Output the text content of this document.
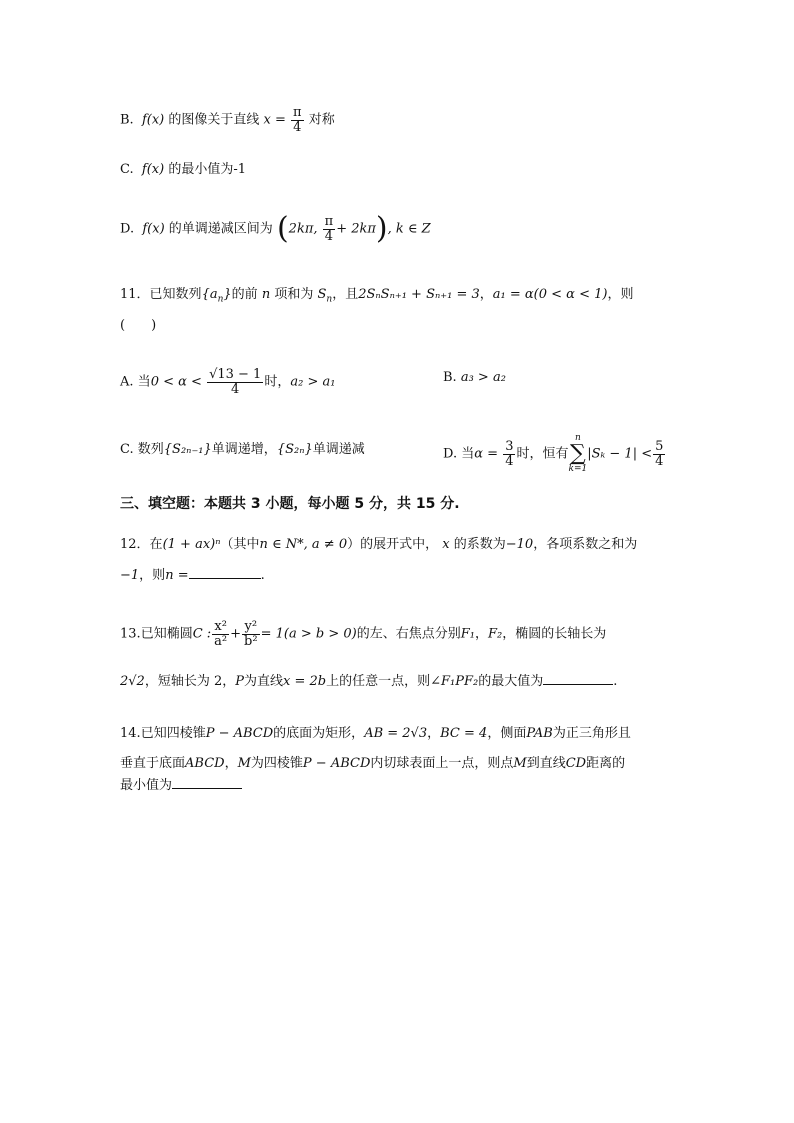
B. f(x) 的图像关于直线 $x = \frac{\pi}{4}$ 对称
C. f(x) 的最小值为-1
D. f(x) 的单调递减区间为 (2kπ, $\frac{\pi}{4} + 2k\pi$), k ∈ Z
11．已知数列$\{a_n\}$的前 n 项和为 $S_n$，且2SₙSₙ₊₁ + Sₙ₊₁ = 3，a₁ = α(0 < α < 1)，则
(　　)
A. 当$0 < \alpha < \frac{√13 - 1}{4}$ 时，a₂ > a₁	B. a₃ > a₂
C. 数列{S₂ₙ₋₁}单调递增，{S₂ₙ}单调递减	D. 当$\alpha = \frac{3}{4}$ 时，恒有
n
∑
k=1
$|S_k - 1| < \frac{5}{4}$
三、填空题：本题共 3 小题，每小题 5 分，共 15 分.
12．在(1 + ax)ⁿ（其中n ∈ N*, a ≠ 0）的展开式中， x 的系数为−10，各项系数之和为
−1，则n =	.
13.已知椭圆C : $\frac{\text{x²}}{\text{a²}} + \frac{\text{y²}}{\text{b²}} = 1(a > b > 0)$的左、右焦点分别F₁，F₂，椭圆的长轴长为
2√2，短轴长为 2，P为直线x = 2b上的任意一点，则∠F₁PF₂的最大值为	.
14.已知四棱锥P − ABCD的底面为矩形，AB = 2√3，BC = 4，侧面PAB为正三角形且
垂直于底面ABCD，M为四棱锥P − ABCD内切球表面上一点，则点M到直线CD距离的
最小值为
